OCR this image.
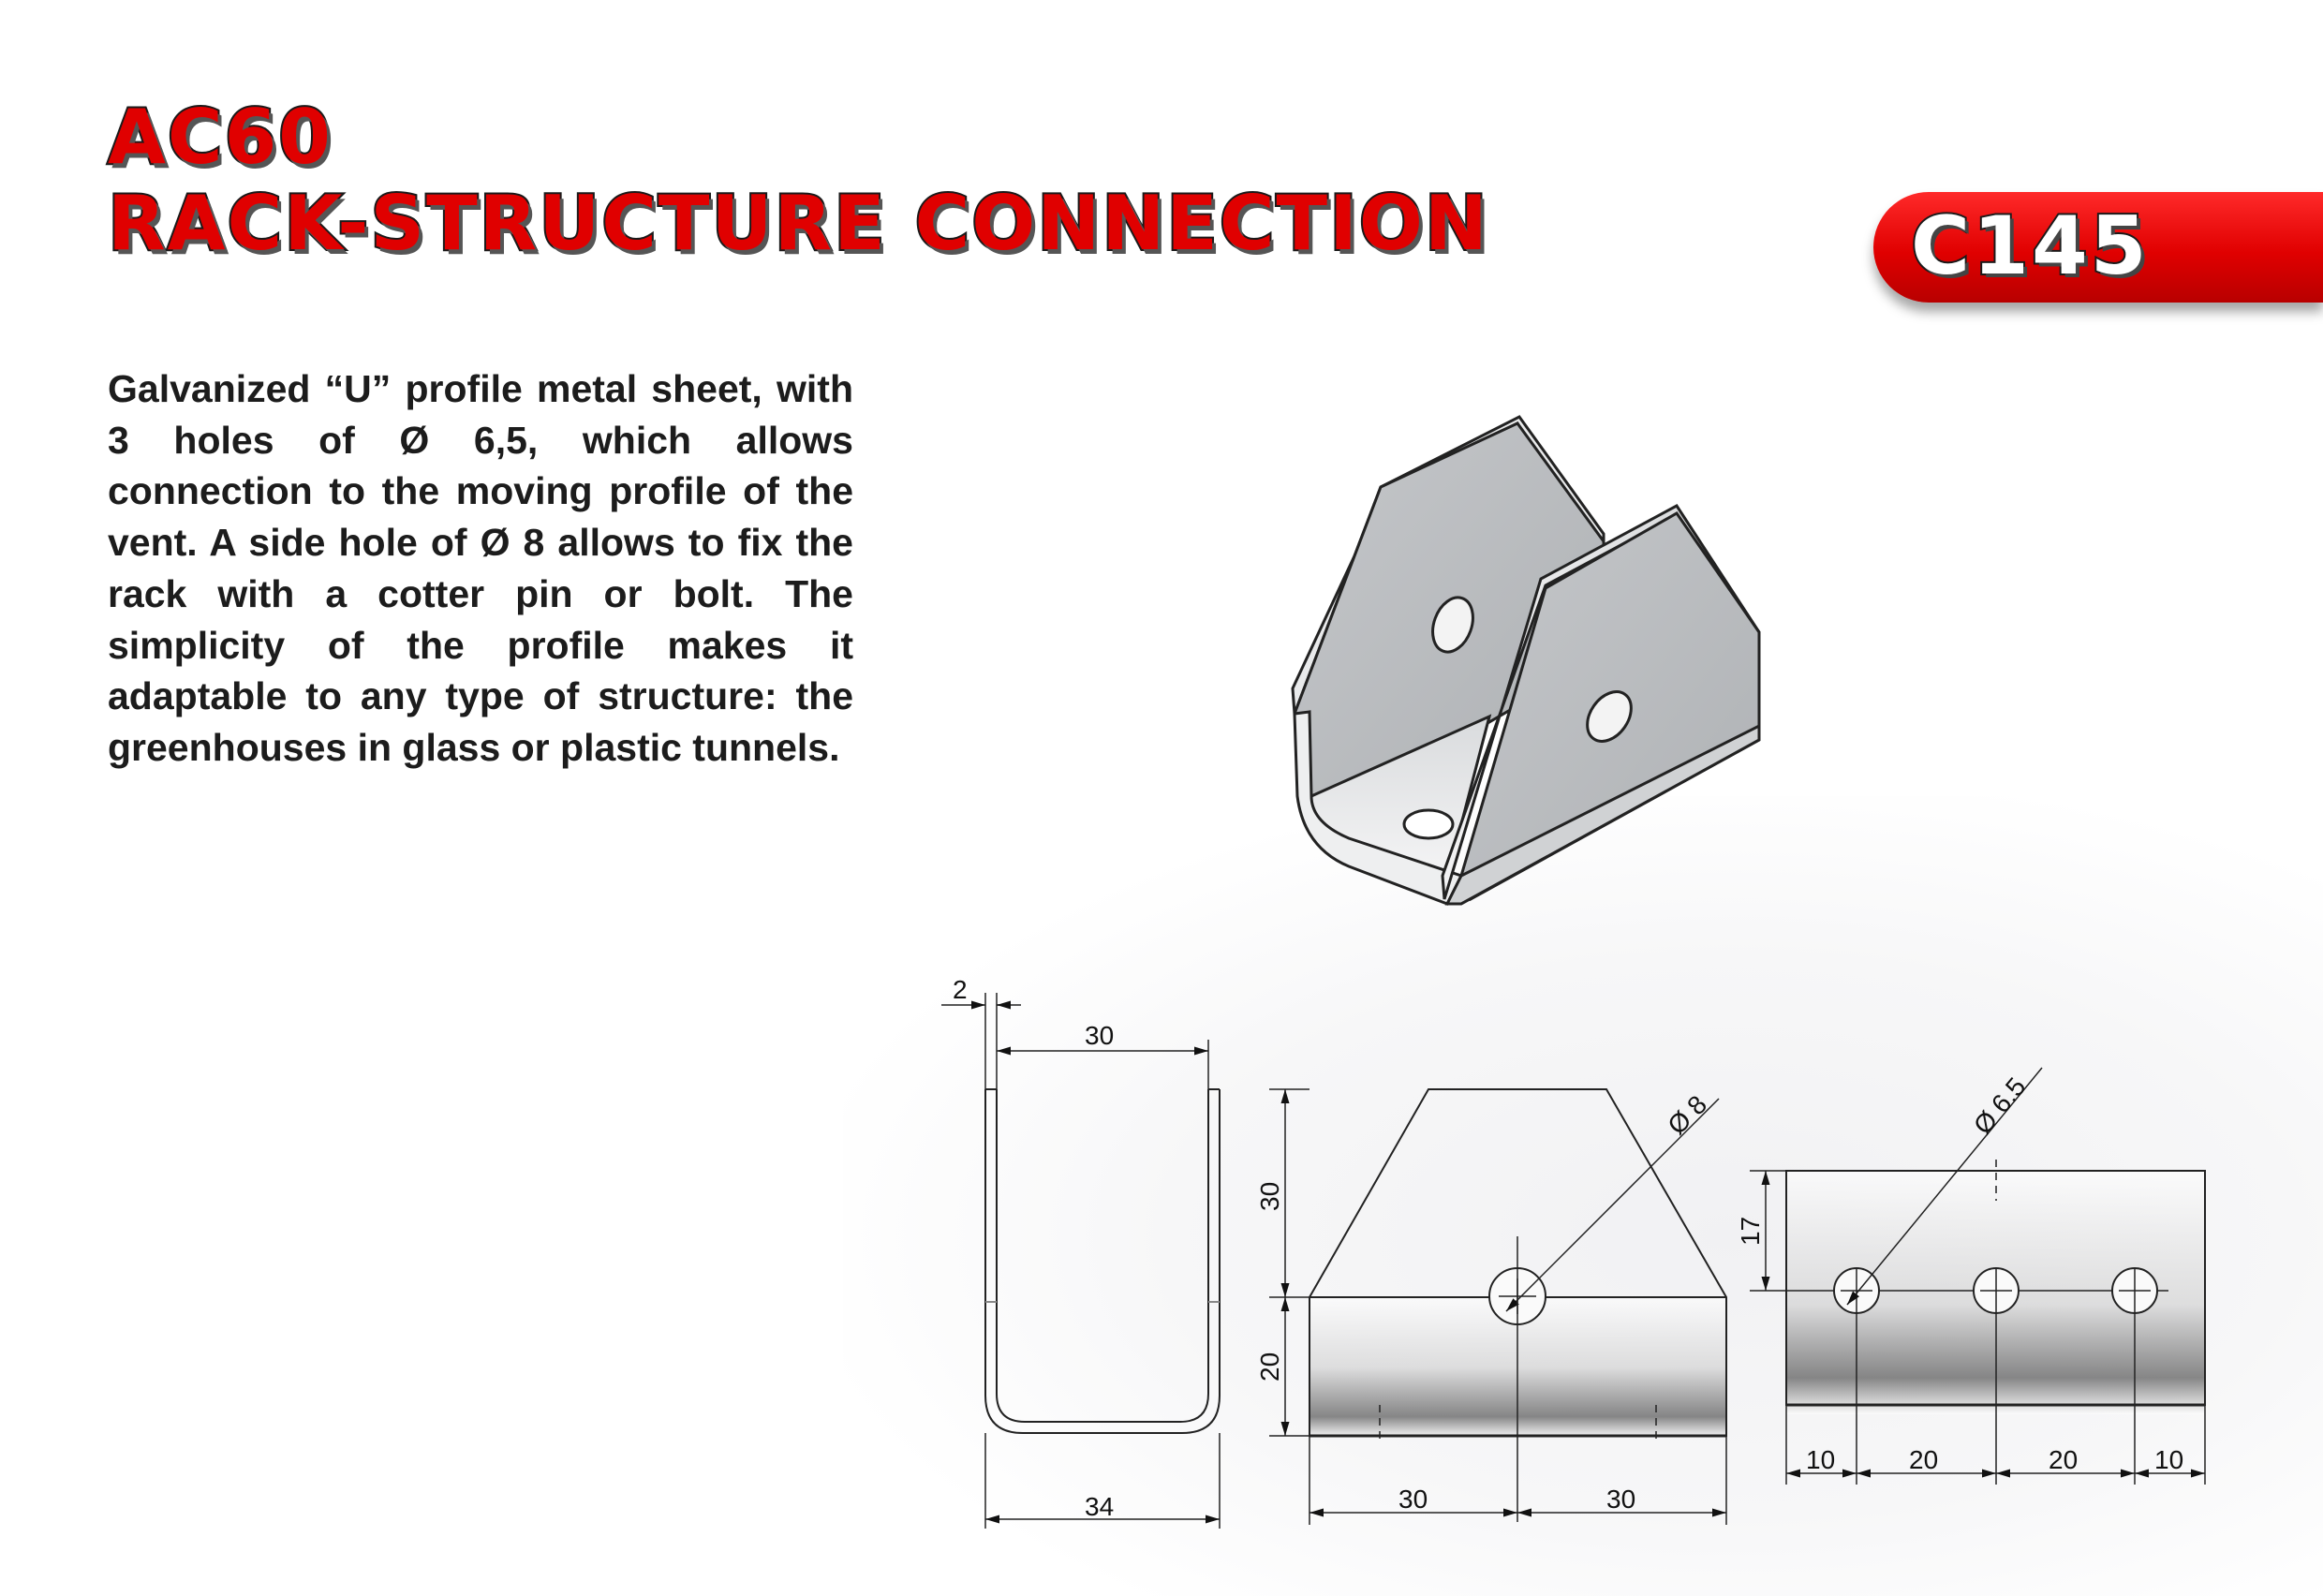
AC60
RACK-STRUCTURE CONNECTION	C145

Galvanized “U” profile metal sheet, with 3 holes of Ø 6,5, which allows connection to the moving profile of the vent. A side hole of Ø 8 allows to fix the rack with a cotter pin or bolt. The simplicity of the profile makes it adaptable to any type of structure: the greenhouses in glass or plastic tunnels.

2
30
34
30
20
30	30
Ø 8
17
10	20	20	10
Ø 6.5
